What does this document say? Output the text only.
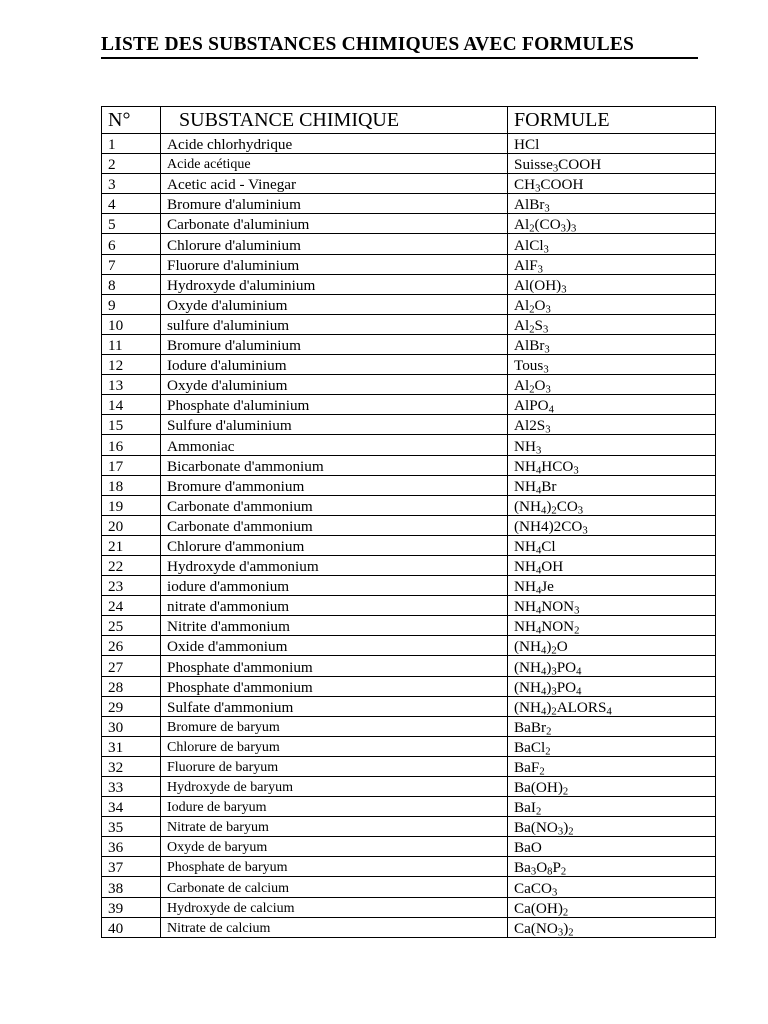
LISTE DES SUBSTANCES CHIMIQUES AVEC FORMULES
N°	SUBSTANCE CHIMIQUE	FORMULE
1	Acide chlorhydrique	HCl
2	Acide acétique	Suisse$_3$COOH
3	Acetic acid - Vinegar	$CH_3COOH$
4	Bromure d'aluminium	AlBr$_3$
5	Carbonate d'aluminium	$Al_2(CO_3)_3$
6	Chlorure d'aluminium	AlCl$_3$
7	Fluorure d'aluminium	AlF$_3$
8	Hydroxyde d'aluminium	$Al(OH)_3$
9	Oxyde d'aluminium	$Al_2O_3$
10	sulfure d'aluminium	$Al_2S_3$
11	Bromure d'aluminium	AlBr$_3$
12	Iodure d'aluminium	Tous$_3$
13	Oxyde d'aluminium	$Al_2O_3$
14	Phosphate d'aluminium	AlPO$_4$
15	Sulfure d'aluminium	$Al2S_3$
16	Ammoniac	$NH_3$
17	Bicarbonate d'ammonium	$NH_4HCO_3$
18	Bromure d'ammonium	$NH_4Br$
19	Carbonate d'ammonium	$(NH_4)_2CO_3$
20	Carbonate d'ammonium	$(NH4)2CO_3$
21	Chlorure d'ammonium	$NH_4Cl$
22	Hydroxyde d'ammonium	$NH_4OH$
23	iodure d'ammonium	$NH_4Je$
24	nitrate d'ammonium	$NH_4NON_3$
25	Nitrite d'ammonium	$NH_4NON_2$
26	Oxide d'ammonium	$(NH_4)_2O$
27	Phosphate d'ammonium	$(NH_4)_3PO_4$
28	Phosphate d'ammonium	$(NH_4)_3PO_4$
29	Sulfate d'ammonium	$(NH_4)_2ALORS_4$
30	Bromure de baryum	BaBr$_2$
31	Chlorure de baryum	BaCl$_2$
32	Fluorure de baryum	BaF$_2$
33	Hydroxyde de baryum	$Ba(OH)_2$
34	Iodure de baryum	BaI$_2$
35	Nitrate de baryum	$Ba(NO_3)_2$
36	Oxyde de baryum	BaO
37	Phosphate de baryum	$Ba_3O_8P_2$
38	Carbonate de calcium	CaCO$_3$
39	Hydroxyde de calcium	$Ca(OH)_2$
40	Nitrate de calcium	$Ca(NO_3)_2$
